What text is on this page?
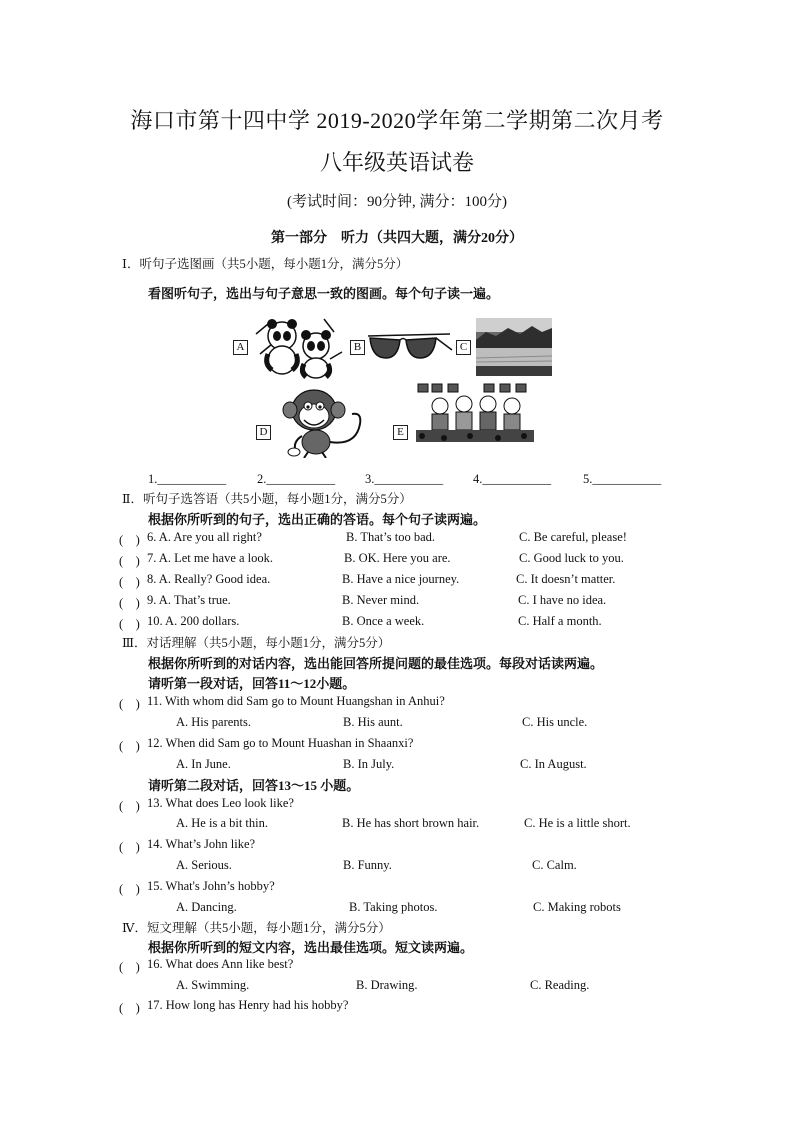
海口市第十四中学 2019-2020学年第二学期第二次月考
八年级英语试卷
(考试时间：90分钟, 满分：100分)
第一部分　听力（共四大题，满分20分）
Ⅰ．听句子选图画（共5小题，每小题1分，满分5分）
看图听句子，选出与句子意思一致的图画。每个句子读一遍。
A	B	C
D	E
1.___________ 2.___________ 3.___________ 4.___________	5.___________
Ⅱ．听句子选答语（共5小题，每小题1分，满分5分）
根据你所听到的句子，选出正确的答语。每个句子读两遍。
(　) 6. A. Are you all right?	B. That’s too bad.	C. Be careful, please!
(　) 7. A. Let me have a look.	B. OK. Here you are.	C. Good luck to you.
(　) 8. A. Really? Good idea.	B. Have a nice journey.	C. It doesn’t matter.
(　) 9. A. That’s true.	B. Never mind.	C. I have no idea.
(　) 10. A. 200 dollars.	B. Once a week.	C. Half a month.
Ⅲ．对话理解（共5小题，每小题1分，满分5分）
根据你所听到的对话内容，选出能回答所提问题的最佳选项。每段对话读两遍。
请听第一段对话，回答11～12小题。
(　) 11. With whom did Sam go to Mount Huangshan in Anhui?
A. His parents.	B. His aunt.	C. His uncle.
(　) 12. When did Sam go to Mount Huashan in Shaanxi?
A. In June.	B. In July.	C. In August.
请听第二段对话，回答13～15 小题。
(　) 13. What does Leo look like?
A. He is a bit thin.	B. He has short brown hair.	C. He is a little short.
(　) 14. What’s John like?
A. Serious.	B. Funny.	C. Calm.
(　) 15. What's John’s hobby?
A. Dancing.	B. Taking photos.	C. Making robots
Ⅳ．短文理解（共5小题，每小题1分，满分5分）
根据你所听到的短文内容，选出最佳选项。短文读两遍。
(　) 16. What does Ann like best?
A. Swimming.	B. Drawing.	C. Reading.
(　) 17. How long has Henry had his hobby?
